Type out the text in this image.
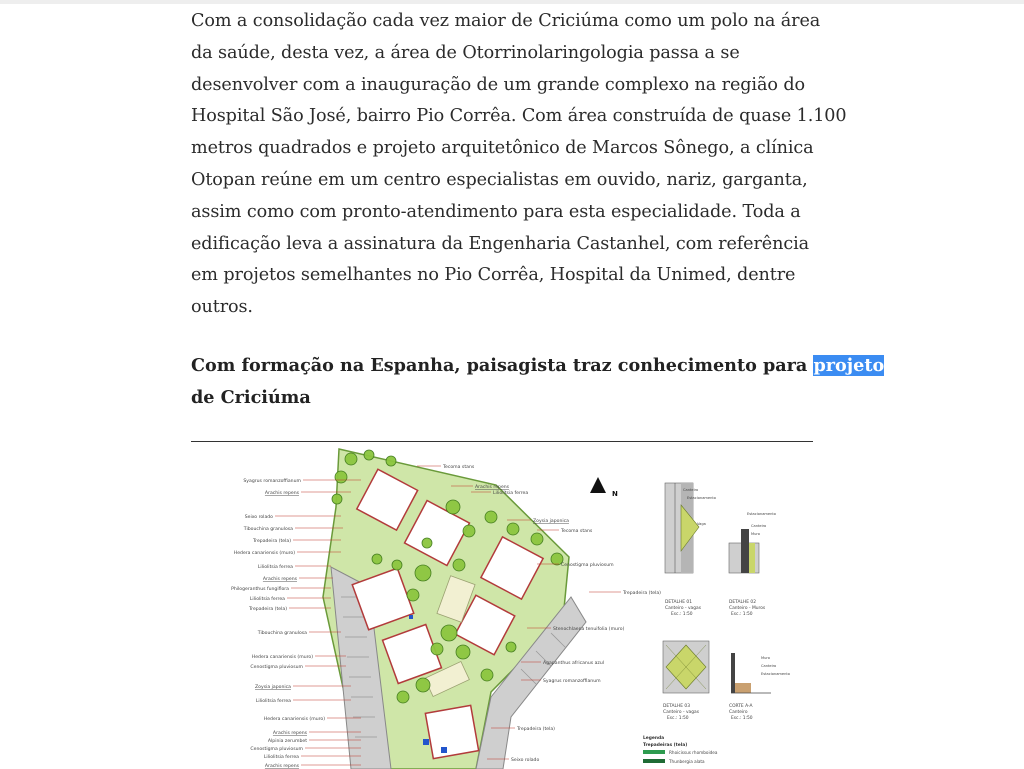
Com a consolidação cada vez maior de Criciúma como um polo na área
da saúde, desta vez, a área de Otorrinolaringologia passa a se
desenvolver com a inauguração de um grande complexo na região do
Hospital São José, bairro Pio Corrêa. Com área construída de quase 1.100
metros quadrados e projeto arquitetônico de Marcos Sônego, a clínica
Otopan reúne em um centro especialistas em ouvido, nariz, garganta,
assim como com pronto-atendimento para esta especialidade. Toda a
edificação leva a assinatura da Engenharia Castanhel, com referência
em projetos semelhantes no Pio Corrêa, Hospital da Unimed, dentre
outros.

Com formação na Espanha, paisagista traz conhecimento para projeto
de Criciúma
Syagrus romanzoffianum
Arachis repens
Seixo rolado
Tibouchina granulosa
Trepadeira (tela)
Hedera canariensis (muro)
Liliolitsia ferrea
Arachis repens
Philogeranthus fungiflora
Liliolitsia ferrea
Trepadeira (tela)
Tibouchina granulosa
Hedera canariensis (muro)
Cenostigma pluviosum
Zoysia japonica
Liliolitsia ferrea
Hedera canariensis (muro)
Arachis repens
Alpinia zerumbet
Cenostigma pluviosum
Liliolitsia ferrea
Arachis repens
Tecoma stans
Arachis repens
Liliolitsia ferrea
Zoysia japonica
Tecoma stans
Cenostigma pluviosum
Trepadeira (tela)
Stenochlaena tenuifolia (muro)
Agapanthus africanus azul
Syagrus romanzoffianum
Trepadeira (tela)
Seixo rolado
N	Canteiro
Estacionamento
Vaga
DETALHE 01
Canteiro - vagas
Esc.: 1:50
Estacionamento
Canteiro
Muro
DETALHE 02
Canteiro - Muros
Esc.: 1:50
DETALHE 03
Canteiro - vagas
Esc.: 1:50
Muro
Canteiro
Estacionamento
CORTE A-A
Canteiro
Esc.: 1:50
Legenda
Trepadeiras (tela)
Rhoicissus rhomboidea
Thunbergia alata
